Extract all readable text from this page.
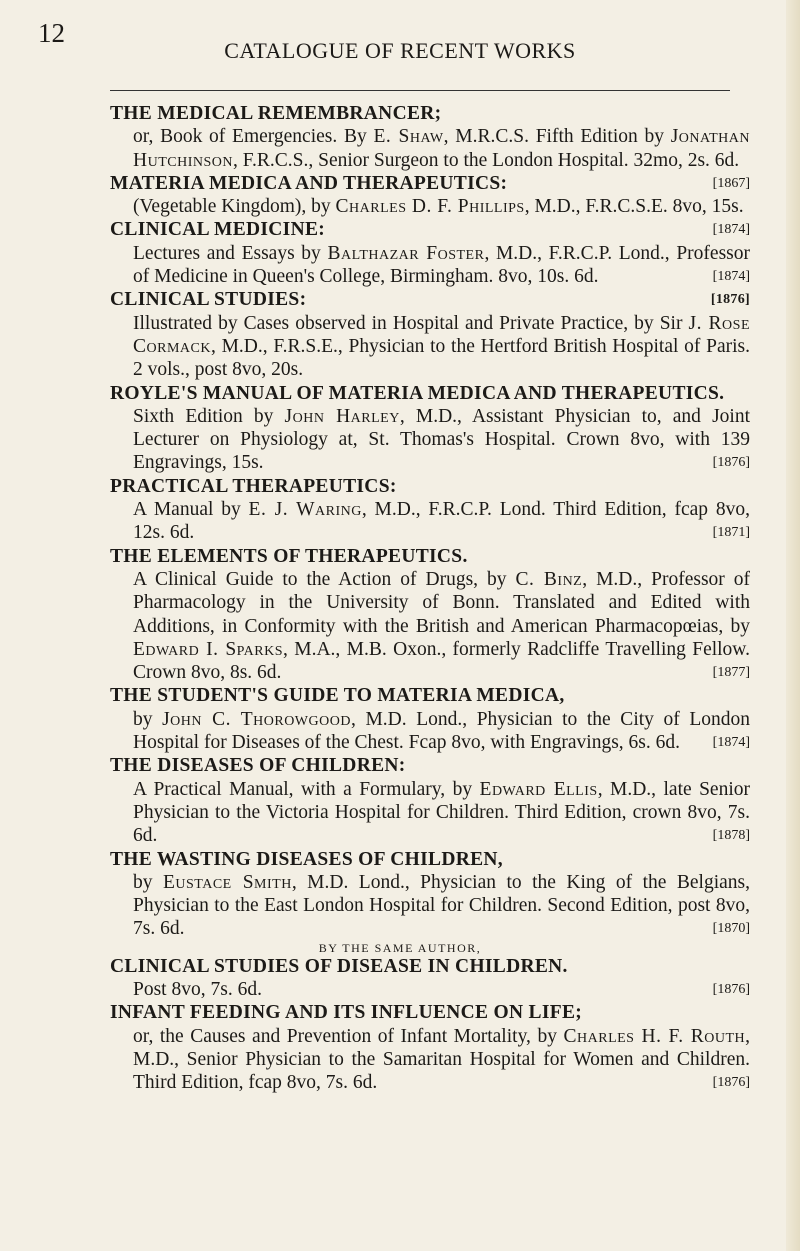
12
CATALOGUE OF RECENT WORKS
THE MEDICAL REMEMBRANCER;
or, Book of Emergencies. By E. Shaw, M.R.C.S. Fifth Edition by Jonathan Hutchinson, F.R.C.S., Senior Surgeon to the London Hospital. 32mo, 2s. 6d.
[1867]
MATERIA MEDICA AND THERAPEUTICS:
(Vegetable Kingdom), by Charles D. F. Phillips, M.D., F.R.C.S.E. 8vo, 15s.
[1874]
CLINICAL MEDICINE:
Lectures and Essays by Balthazar Foster, M.D., F.R.C.P. Lond., Professor of Medicine in Queen's College, Birmingham. 8vo, 10s. 6d.	[1874]
CLINICAL STUDIES:	[1876]
Illustrated by Cases observed in Hospital and Private Practice, by Sir J. Rose Cormack, M.D., F.R.S.E., Physician to the Hertford British Hospital of Paris. 2 vols., post 8vo, 20s.
ROYLE'S MANUAL OF MATERIA MEDICA AND THERAPEUTICS.
Sixth Edition by John Harley, M.D., Assistant Physician to, and Joint Lecturer on Physiology at, St. Thomas's Hospital. Crown 8vo, with 139 Engravings, 15s.	[1876]
PRACTICAL THERAPEUTICS:
A Manual by E. J. Waring, M.D., F.R.C.P. Lond. Third Edition, fcap 8vo, 12s. 6d.	[1871]
THE ELEMENTS OF THERAPEUTICS.
A Clinical Guide to the Action of Drugs, by C. Binz, M.D., Professor of Pharmacology in the University of Bonn. Translated and Edited with Additions, in Conformity with the British and American Pharmacopœias, by Edward I. Sparks, M.A., M.B. Oxon., formerly Radcliffe Travelling Fellow. Crown 8vo, 8s. 6d.	[1877]
THE STUDENT'S GUIDE TO MATERIA MEDICA,
by John C. Thorowgood, M.D. Lond., Physician to the City of London Hospital for Diseases of the Chest. Fcap 8vo, with Engravings, 6s. 6d. [1874]
THE DISEASES OF CHILDREN:
A Practical Manual, with a Formulary, by Edward Ellis, M.D., late Senior Physician to the Victoria Hospital for Children. Third Edition, crown 8vo, 7s. 6d.	[1878]
THE WASTING DISEASES OF CHILDREN,
by Eustace Smith, M.D. Lond., Physician to the King of the Belgians, Physician to the East London Hospital for Children. Second Edition, post 8vo, 7s. 6d.	[1870]
BY THE SAME AUTHOR,
CLINICAL STUDIES OF DISEASE IN CHILDREN.
Post 8vo, 7s. 6d.	[1876]
INFANT FEEDING AND ITS INFLUENCE ON LIFE;
or, the Causes and Prevention of Infant Mortality, by Charles H. F. Routh, M.D., Senior Physician to the Samaritan Hospital for Women and Children. Third Edition, fcap 8vo, 7s. 6d.	[1876]
